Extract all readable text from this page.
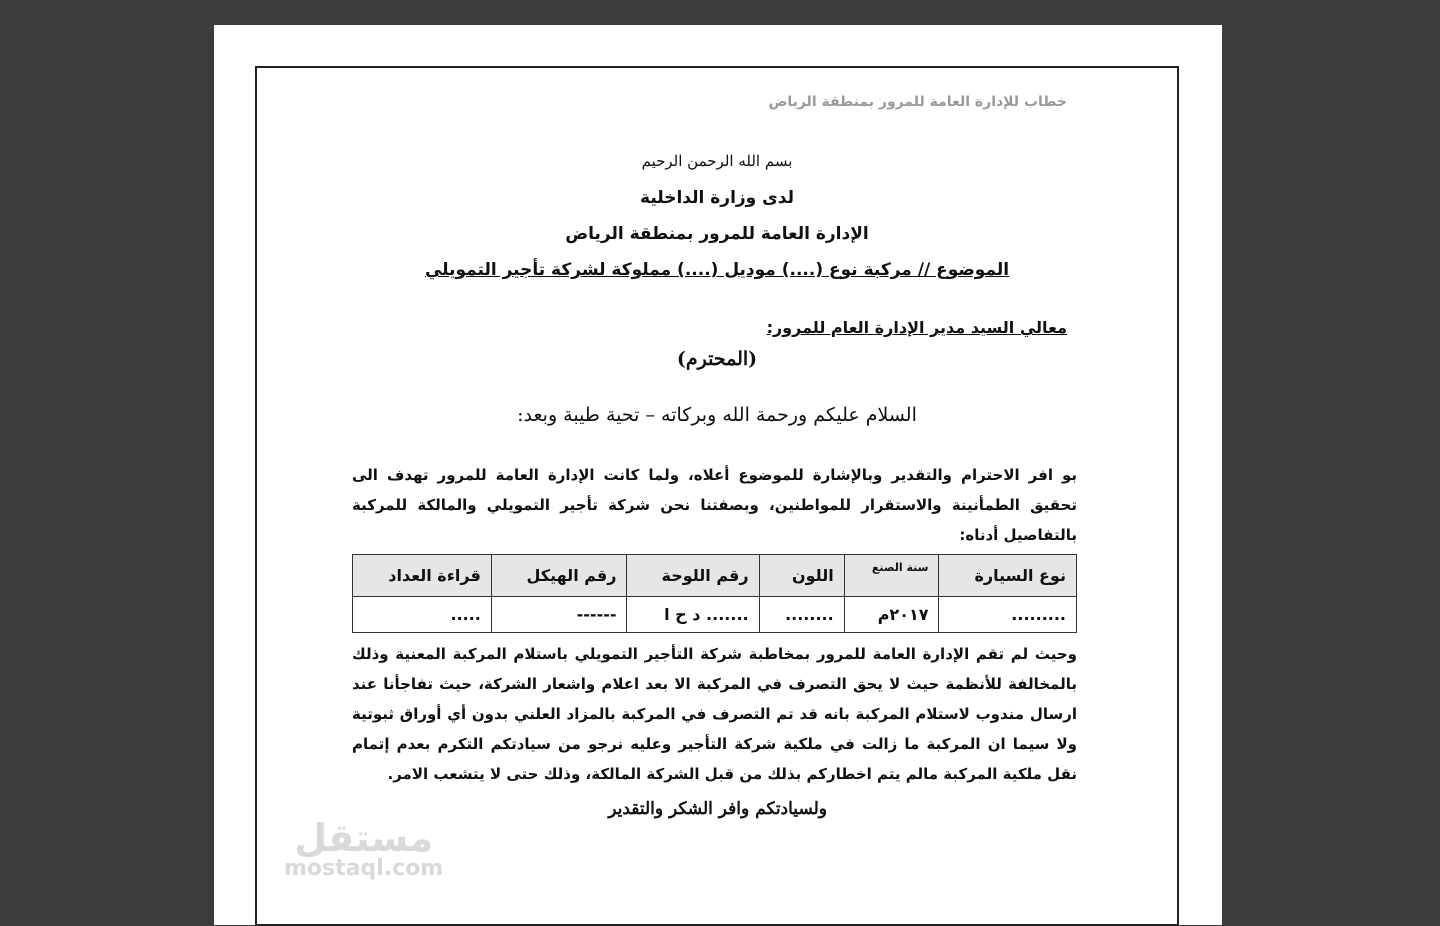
خطاب للإدارة العامة للمرور بمنطقة الرياض
بسم الله الرحمن الرحيم
لدى وزارة الداخلية
الإدارة العامة للمرور بمنطقة الرياض
الموضوع // مركبة نوع (....) موديل (....) مملوكة لشركة تأجير التمويلي
معالي السيد مدير الإدارة العام للمرور:
(المحترم)
السلام عليكم ورحمة الله وبركاته – تحية طيبة وبعد:

بو افر الاحترام والتقدير وبالإشارة للموضوع أعلاه، ولما كانت الإدارة العامة للمرور تهدف الى تحقيق الطمأنينة والاستقرار للمواطنين، وبصفتنا نحن شركة تأجير التمويلي والمالكة للمركبة بالتفاصيل أدناه:

نوع السيارة	سنة الصنع	اللون	رقم اللوحة	رقم الهيكل	قراءة العداد
.........	٢٠١٧م	........	....... د ح ا	------	.....

وحيث لم تقم الإدارة العامة للمرور بمخاطبة شركة التأجير التمويلي باستلام المركبة المعنية وذلك بالمخالفة للأنظمة حيث لا يحق التصرف في المركبة الا بعد اعلام واشعار الشركة، حيث تفاجأنا عند ارسال مندوب لاستلام المركبة بانه قد تم التصرف في المركبة بالمزاد العلني بدون أي أوراق ثبوتية ولا سيما ان المركبة ما زالت في ملكية شركة التأجير وعليه نرجو من سيادتكم التكرم بعدم إتمام نقل ملكية المركبة مالم يتم اخطاركم بذلك من قبل الشركة المالكة، وذلك حتى لا يتشعب الامر.

ولسيادتكم وافر الشكر والتقدير
مستقل
mostaql.com
